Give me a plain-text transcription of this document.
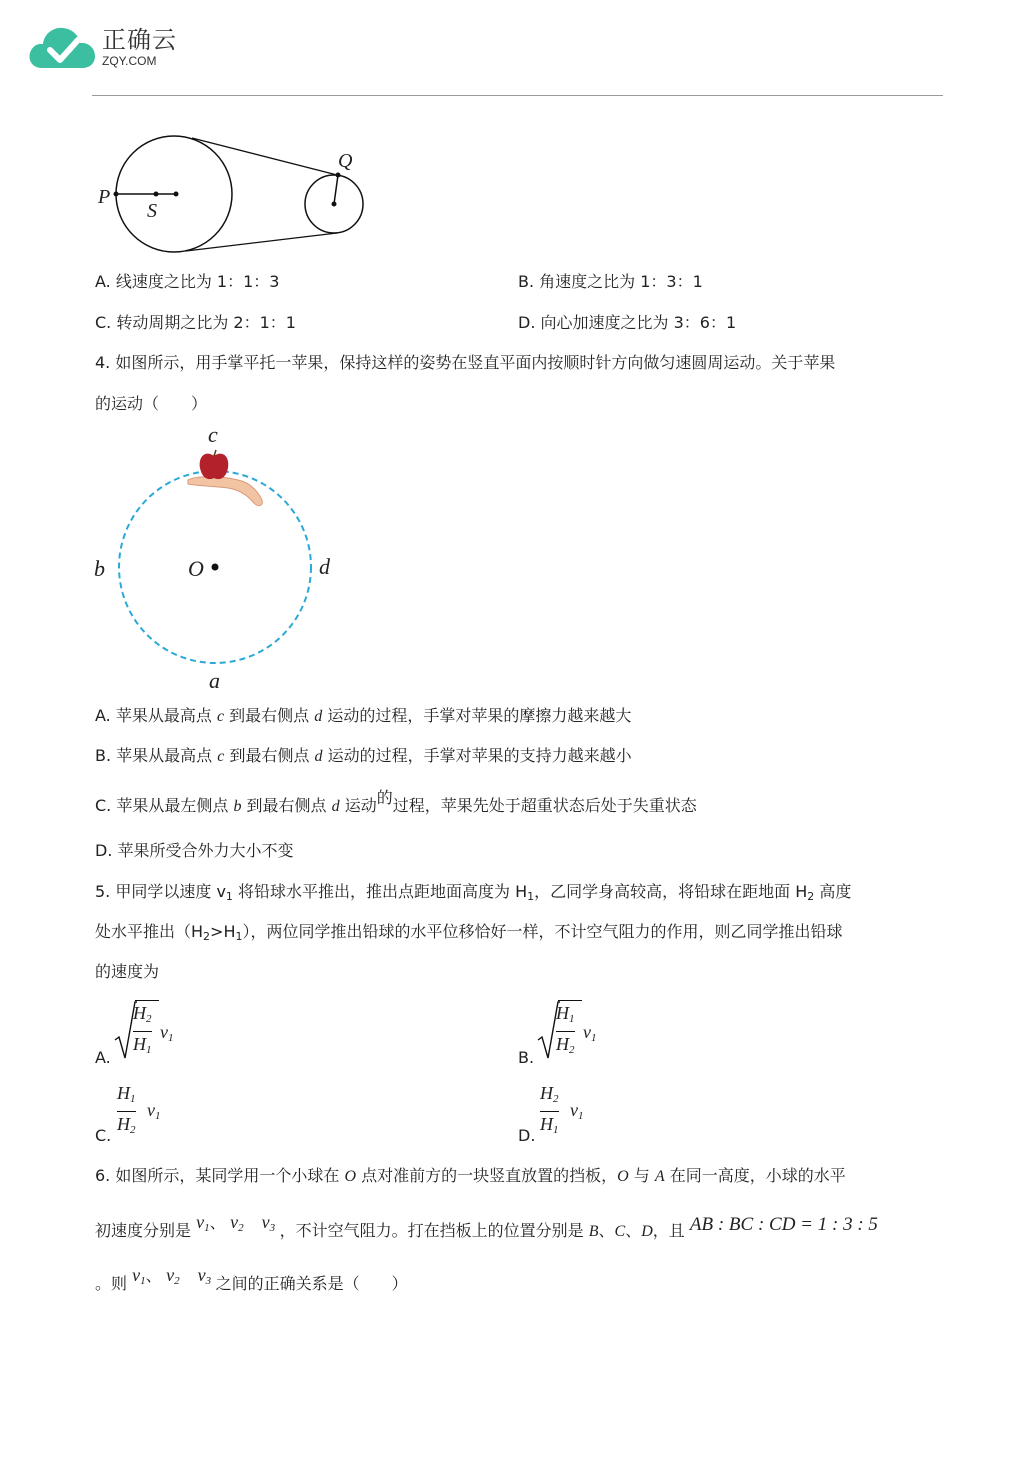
正确云
ZQY.COM
P
S
Q
A. 线速度之比为 1：1：3	B. 角速度之比为 1：3：1
C. 转动周期之比为 2：1：1	D. 向心加速度之比为 3：6：1
4. 如图所示，用手掌平托一苹果，保持这样的姿势在竖直平面内按顺时针方向做匀速圆周运动。关于苹果
的运动（　　）
c
b	O	d
a
A. 苹果从最高点 c 到最右侧点 d 运动的过程，手掌对苹果的摩擦力越来越大
B. 苹果从最高点 c 到最右侧点 d 运动的过程，手掌对苹果的支持力越来越小
C. 苹果从最左侧点 b 到最右侧点 d 运动的过程，苹果先处于超重状态后处于失重状态
D. 苹果所受合外力大小不变
5. 甲同学以速度 $v_1$ 将铅球水平推出，推出点距地面高度为 $H_1$，乙同学身高较高，将铅球在距地面 $H_2$ 高度
处水平推出$(H_2>H_1)$，两位同学推出铅球的水平位移恰好一样，不计空气阻力的作用，则乙同学推出铅球
的速度为
A.
$H_2$
$H_1$
$v_1$
B.
$H_1$
$H_2$
$v_1$
C.
$H_1$
$H_2$
$v_1$
D.
$H_2$
$H_1$
$v_1$
6. 如图所示，某同学用一个小球在 O 点对准前方的一块竖直放置的挡板，O 与 A 在同一高度，小球的水平
初速度分别是 $v_1$、 $v_2$ $v_3$ ，不计空气阻力。打在挡板上的位置分别是 B、C、D，且 AB : BC : CD = 1 : 3 : 5
。则 $v_1$、 $v_2$ $v_3$ 之间的正确关系是（　　）
